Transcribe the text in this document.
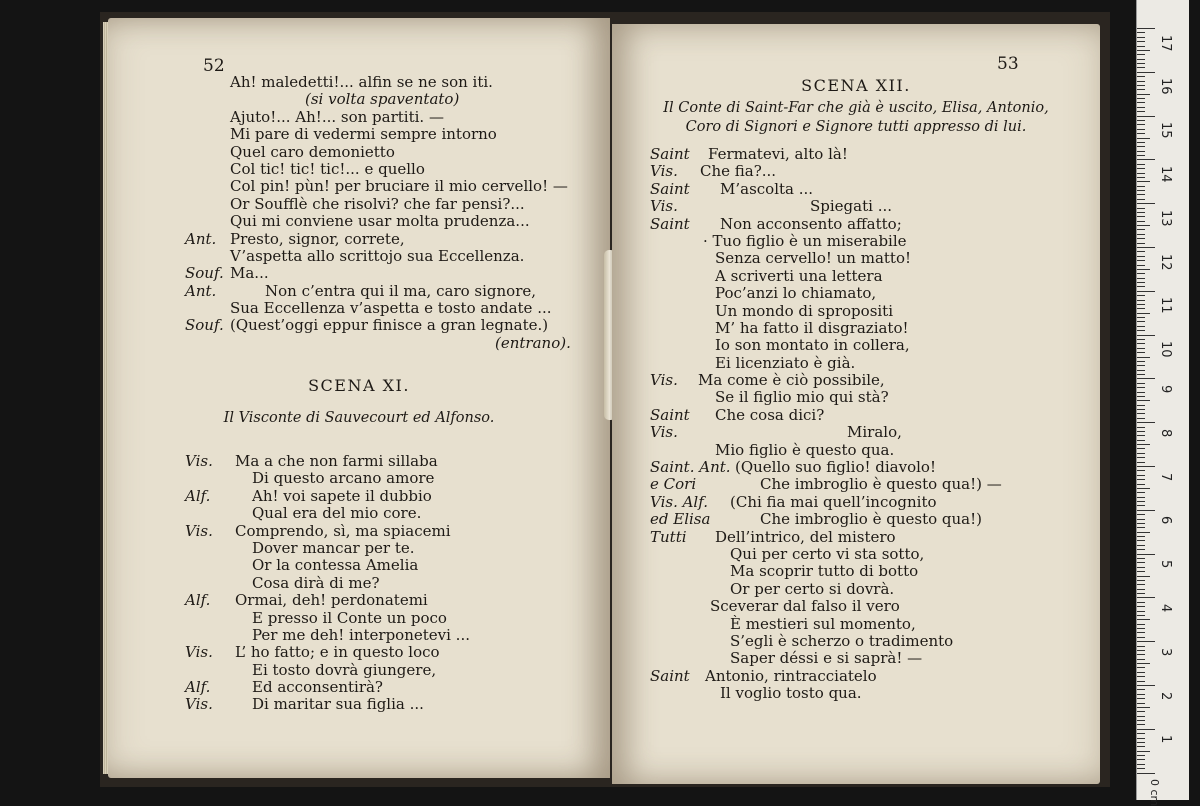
52
Ah! maledetti!... alfin se ne son iti.
(si volta spaventato)
Ajuto!... Ah!... son partiti. —
Mi pare di vedermi sempre intorno
Quel caro demonietto
Col tic! tic! tic!... e quello
Col pin! pùn! per bruciare il mio cervello! —
Or Soufflè che risolvi? che far pensi?...
Qui mi conviene usar molta prudenza...
Ant. Presto, signor, correte,
V’aspetta allo scrittojo sua Eccellenza.
Souf. Ma...
Ant.	Non c’entra qui il ma, caro signore,
Sua Eccellenza v’aspetta e tosto andate ...
Souf. (Quest’oggi eppur finisce a gran legnate.)
(entrano).
SCENA XI.
Il Visconte di Sauvecourt ed Alfonso.
Vis. Ma a che non farmi sillaba
Di questo arcano amore
Alf.	Ah! voi sapete il dubbio
Qual era del mio core.
Vis. Comprendo, sì, ma spiacemi
Dover mancar per te.
Or la contessa Amelia
Cosa dirà di me?
Alf. Ormai, deh! perdonatemi
E presso il Conte un poco
Per me deh! interponetevi ...
Vis. L’ ho fatto; e in questo loco
Ei tosto dovrà giungere,
Alf.	Ed acconsentirà?
Vis.	Di maritar sua figlia ...
53
SCENA XII.
Il Conte di Saint-Far che già è uscito, Elisa, Antonio,
Coro di Signori e Signore tutti appresso di lui.
Saint Fermatevi, alto là!
Vis. Che fia?...
Saint M’ascolta ...
Vis.	Spiegati ...
Saint Non acconsento affatto;
· Tuo figlio è un miserabile
Senza cervello! un matto!
A scriverti una lettera
Poc’anzi lo chiamato,
Un mondo di spropositi
M’ ha fatto il disgraziato!
Io son montato in collera,
Ei licenziato è già.
Vis. Ma come è ciò possibile,
Se il figlio mio qui stà?
Saint Che cosa dici?
Vis.	Miralo,
Mio figlio è questo qua.
Saint. Ant. (Quello suo figlio! diavolo!
e Cori	Che imbroglio è questo qua!) —
Vis. Alf. (Chi fia mai quell’incognito
ed Elisa	Che imbroglio è questo qua!)
Tutti Dell’intrico, del mistero
Qui per certo vi sta sotto,
Ma scoprir tutto di botto
Or per certo si dovrà.
Sceverar dal falso il vero
È mestieri sul momento,
S’egli è scherzo o tradimento
Saper déssi e si saprà! —
Saint Antonio, rintracciatelo
Il voglio tosto qua.
0 cm
17
16
15
14
13
12
11
10
9
8
7
6
5
4
3
2
1
